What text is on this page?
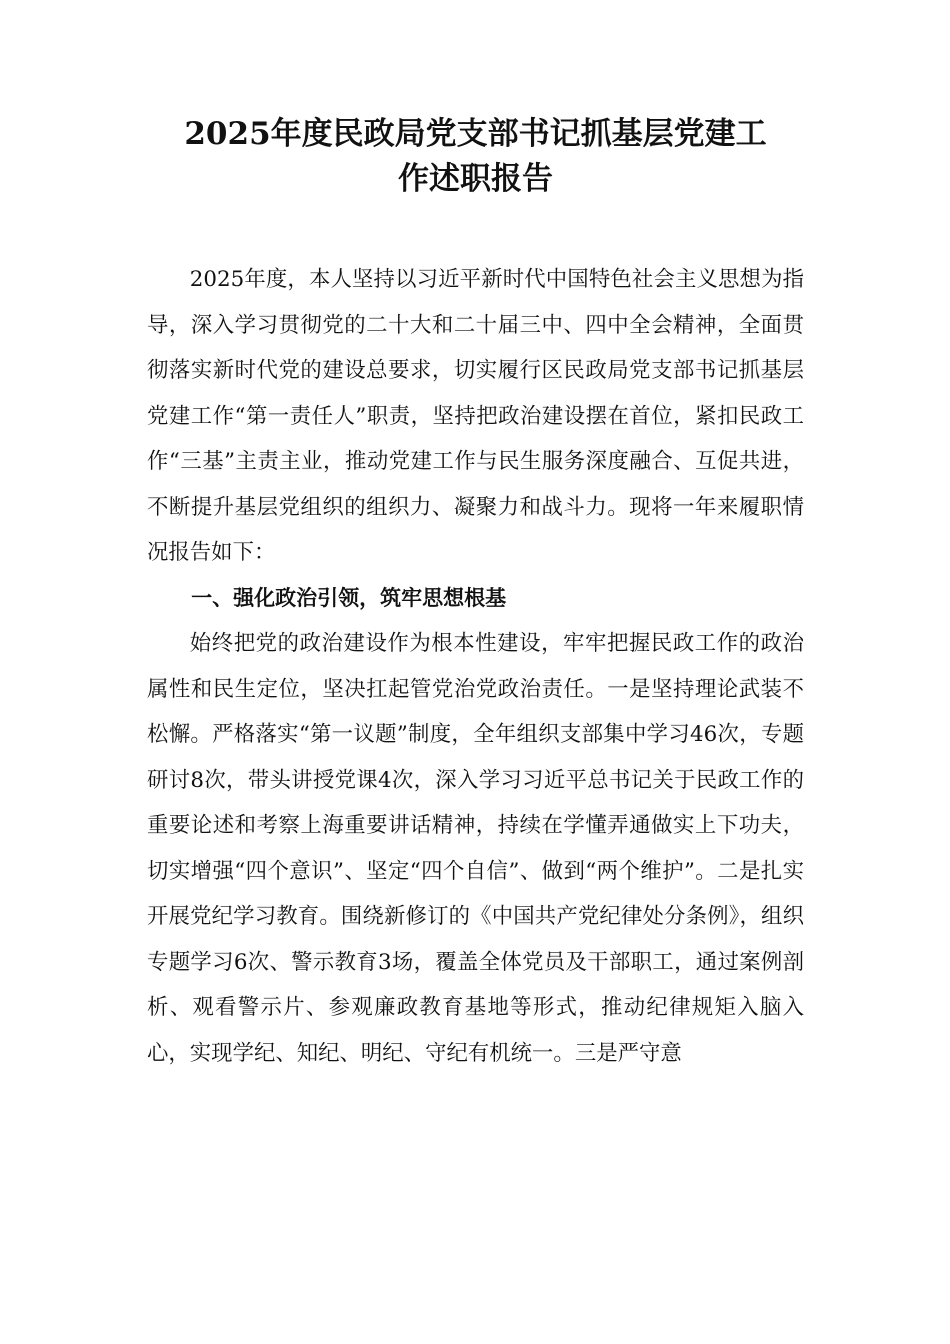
2025年度民政局党支部书记抓基层党建工
作述职报告

2025年度，本人坚持以习近平新时代中国特色社会主义思想为指导，深入学习贯彻党的二十大和二十届三中、四中全会精神，全面贯彻落实新时代党的建设总要求，切实履行区民政局党支部书记抓基层党建工作“第一责任人”职责，坚持把政治建设摆在首位，紧扣民政工作“三基”主责主业，推动党建工作与民生服务深度融合、互促共进，不断提升基层党组织的组织力、凝聚力和战斗力。现将一年来履职情况报告如下：

一、强化政治引领，筑牢思想根基

始终把党的政治建设作为根本性建设，牢牢把握民政工作的政治属性和民生定位，坚决扛起管党治党政治责任。一是坚持理论武装不松懈。严格落实“第一议题”制度，全年组织支部集中学习46次，专题研讨8次，带头讲授党课4次，深入学习习近平总书记关于民政工作的重要论述和考察上海重要讲话精神，持续在学懂弄通做实上下功夫，切实增强“四个意识”、坚定“四个自信”、做到“两个维护”。二是扎实开展党纪学习教育。围绕新修订的《中国共产党纪律处分条例》，组织专题学习6次、警示教育3场，覆盖全体党员及干部职工，通过案例剖析、观看警示片、参观廉政教育基地等形式，推动纪律规矩入脑入心，实现学纪、知纪、明纪、守纪有机统一。三是严守意
